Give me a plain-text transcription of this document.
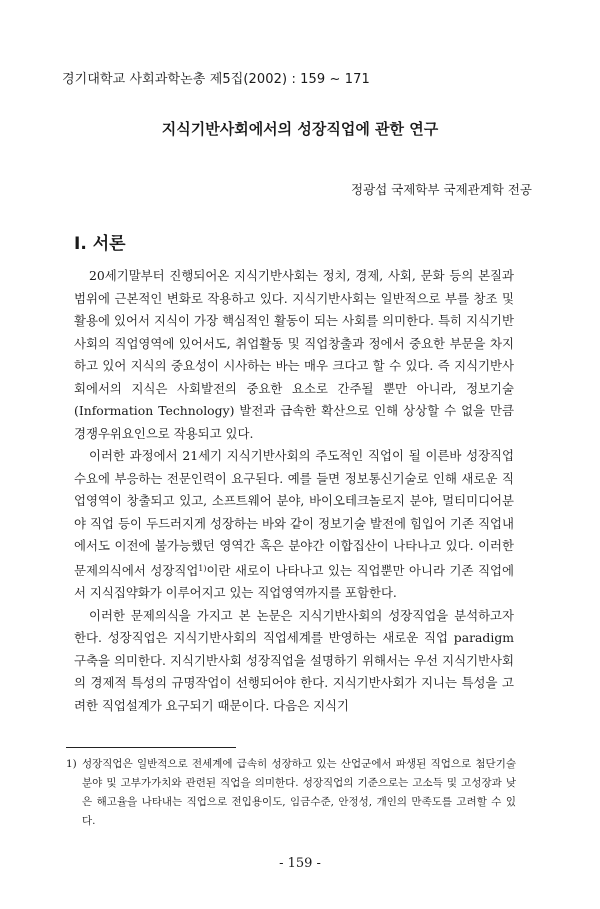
경기대학교 사회과학논총 제5집(2002) : 159 ~ 171
지식기반사회에서의 성장직업에 관한 연구
정광섭 국제학부 국제관계학 전공
I. 서론

20세기말부터 진행되어온 지식기반사회는 정치, 경제, 사회, 문화 등의 본질과 범위에 근본적인 변화로 작용하고 있다. 지식기반사회는 일반적으로 부를 창조 및 활용에 있어서 지식이 가장 핵심적인 활동이 되는 사회를 의미한다. 특히 지식기반사회의 직업영역에 있어서도, 취업활동 및 직업창출과 정에서 중요한 부문을 차지하고 있어 지식의 중요성이 시사하는 바는 매우 크다고 할 수 있다. 즉 지식기반사회에서의 지식은 사회발전의 중요한 요소로 간주될 뿐만 아니라, 정보기술(Information Technology) 발전과 급속한 확산으로 인해 상상할 수 없을 만큼 경쟁우위요인으로 작용되고 있다.

이러한 과정에서 21세기 지식기반사회의 주도적인 직업이 될 이른바 성장직업 수요에 부응하는 전문인력이 요구된다. 예를 들면 정보통신기술로 인해 새로운 직업영역이 창출되고 있고, 소프트웨어 분야, 바이오테크놀로지 분야, 멀티미디어분야 직업 등이 두드러지게 성장하는 바와 같이 정보기술 발전에 힘입어 기존 직업내에서도 이전에 불가능했던 영역간 혹은 분야간 이합집산이 나타나고 있다. 이러한 문제의식에서 성장직업$^{1)}$이란 새로이 나타나고 있는 직업뿐만 아니라 기존 직업에서 지식집약화가 이루어지고 있는 직업영역까지를 포함한다.

이러한 문제의식을 가지고 본 논문은 지식기반사회의 성장직업을 분석하고자 한다. 성장직업은 지식기반사회의 직업세계를 반영하는 새로운 직업 paradigm 구축을 의미한다. 지식기반사회 성장직업을 설명하기 위해서는 우선 지식기반사회의 경제적 특성의 규명작업이 선행되어야 한다. 지식기반사회가 지니는 특성을 고려한 직업설계가 요구되기 때문이다. 다음은 지식기

1) 성장직업은 일반적으로 전세계에 급속히 성장하고 있는 산업군에서 파생된 직업으로 첨단기술분야 및 고부가가치와 관련된 직업을 의미한다. 성장직업의 기준으로는 고소득 및 고성장과 낮은 해고율을 나타내는 직업으로 전입용이도, 임금수준, 안정성, 개인의 만족도를 고려할 수 있다.
- 159 -
